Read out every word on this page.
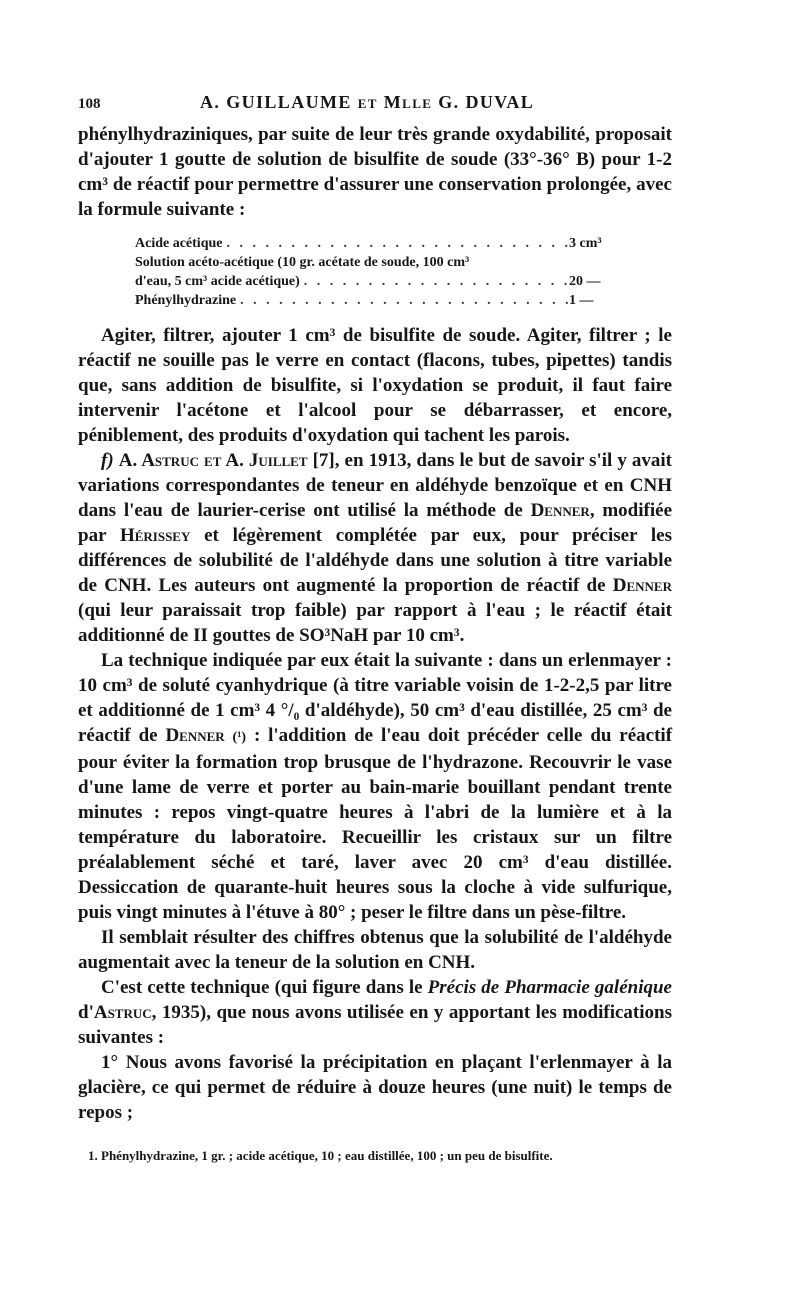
108	A. GUILLAUME et Mlle G. DUVAL

phénylhydraziniques, par suite de leur très grande oxydabilité, proposait d'ajouter 1 goutte de solution de bisulfite de soude (33°-36° B) pour 1-2 cm³ de réactif pour permettre d'assurer une conservation prolongée, avec la formule suivante :

Acide acétique . . .	3 cm³
Solution acéto-acétique (10 gr. acétate de soude, 100 cm³
d'eau, 5 cm³ acide acétique) . . .	20 —
Phénylhydrazine . . .	1 —

Agiter, filtrer, ajouter 1 cm³ de bisulfite de soude. Agiter, filtrer ; le réactif ne souille pas le verre en contact (flacons, tubes, pipettes) tandis que, sans addition de bisulfite, si l'oxydation se produit, il faut faire intervenir l'acétone et l'alcool pour se débarrasser, et encore, péniblement, des produits d'oxydation qui tachent les parois.

f) A. Astruc et A. Juillet [7], en 1913, dans le but de savoir s'il y avait variations correspondantes de teneur en aldéhyde benzoïque et en CNH dans l'eau de laurier-cerise ont utilisé la méthode de Denner, modifiée par Hérissey et légèrement complétée par eux, pour préciser les différences de solubilité de l'aldéhyde dans une solution à titre variable de CNH. Les auteurs ont augmenté la proportion de réactif de Denner (qui leur paraissait trop faible) par rapport à l'eau ; le réactif était additionné de II gouttes de SO³NaH par 10 cm³.

La technique indiquée par eux était la suivante : dans un erlenmayer : 10 cm³ de soluté cyanhydrique (à titre variable voisin de 1-2-2,5 par litre et additionné de 1 cm³ 4 °/₀ d'aldéhyde), 50 cm³ d'eau distillée, 25 cm³ de réactif de Denner (¹) : l'addition de l'eau doit précéder celle du réactif pour éviter la formation trop brusque de l'hydrazone. Recouvrir le vase d'une lame de verre et porter au bain-marie bouillant pendant trente minutes : repos vingt-quatre heures à l'abri de la lumière et à la température du laboratoire. Recueillir les cristaux sur un filtre préalablement séché et taré, laver avec 20 cm³ d'eau distillée. Dessiccation de quarante-huit heures sous la cloche à vide sulfurique, puis vingt minutes à l'étuve à 80° ; peser le filtre dans un pèse-filtre.

Il semblait résulter des chiffres obtenus que la solubilité de l'aldéhyde augmentait avec la teneur de la solution en CNH.

C'est cette technique (qui figure dans le Précis de Pharmacie galénique d'Astruc, 1935), que nous avons utilisée en y apportant les modifications suivantes :

1° Nous avons favorisé la précipitation en plaçant l'erlenmayer à la glacière, ce qui permet de réduire à douze heures (une nuit) le temps de repos ;

1. Phénylhydrazine, 1 gr. ; acide acétique, 10 ; eau distillée, 100 ; un peu de bisulfite.
